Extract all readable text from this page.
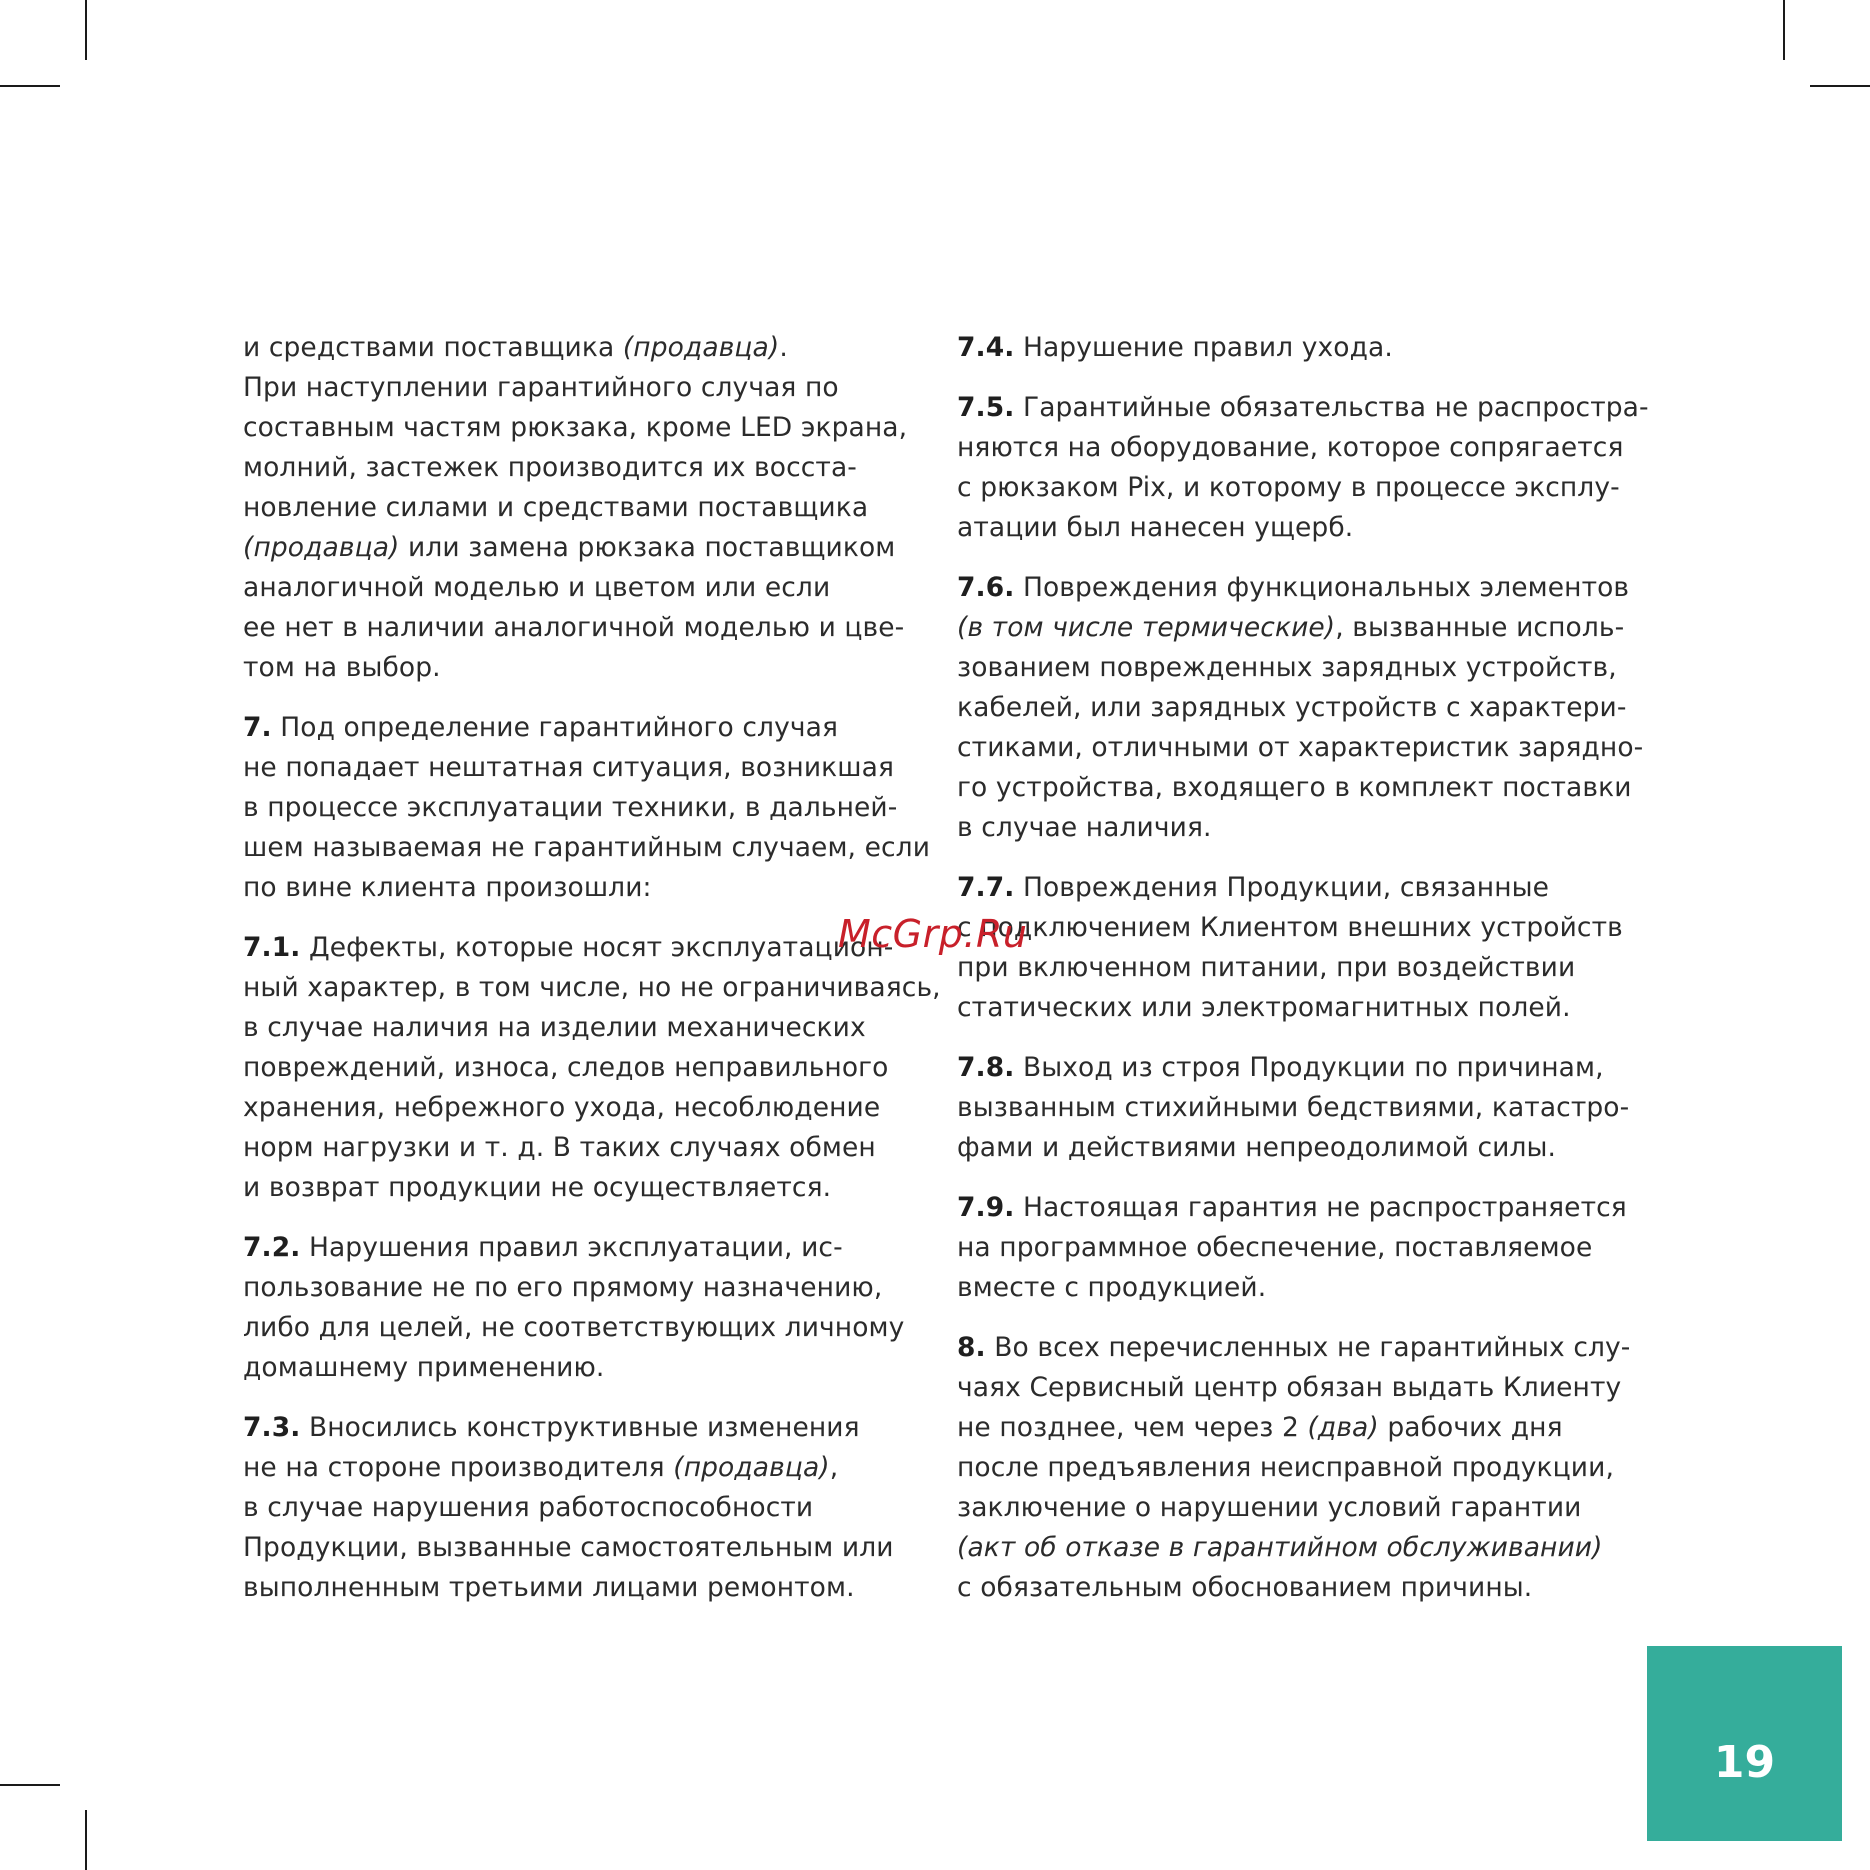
и средствами поставщика (продавца).
При наступлении гарантийного случая по
составным частям рюкзака, кроме LED экрана,
молний, застежек производится их восста-
новление силами и средствами поставщика
(продавца) или замена рюкзака поставщиком
аналогичной моделью и цветом или если
ее нет в наличии аналогичной моделью и цве-
том на выбор.

7. Под определение гарантийного случая
не попадает нештатная ситуация, возникшая
в процессе эксплуатации техники, в дальней-
шем называемая не гарантийным случаем, если
по вине клиента произошли:

7.1. Дефекты, которые носят эксплуатацион-
ный характер, в том числе, но не ограничиваясь,
в случае наличия на изделии механических
повреждений, износа, следов неправильного
хранения, небрежного ухода, несоблюдение
норм нагрузки и т. д. В таких случаях обмен
и возврат продукции не осуществляется.

7.2. Нарушения правил эксплуатации, ис-
пользование не по его прямому назначению,
либо для целей, не соответствующих личному
домашнему применению.

7.3. Вносились конструктивные изменения
не на стороне производителя (продавца),
в случае нарушения работоспособности
Продукции, вызванные самостоятельным или
выполненным третьими лицами ремонтом.

7.4. Нарушение правил ухода.

7.5. Гарантийные обязательства не распростра-
няются на оборудование, которое сопрягается
с рюкзаком Pix, и которому в процессе эксплу-
атации был нанесен ущерб.

7.6. Повреждения функциональных элементов
(в том числе термические), вызванные исполь-
зованием поврежденных зарядных устройств,
кабелей, или зарядных устройств с характери-
стиками, отличными от характеристик зарядно-
го устройства, входящего в комплект поставки
в случае наличия.

7.7. Повреждения Продукции, связанные
с подключением Клиентом внешних устройств
при включенном питании, при воздействии
статических или электромагнитных полей.

7.8. Выход из строя Продукции по причинам,
вызванным стихийными бедствиями, катастро-
фами и действиями непреодолимой силы.

7.9. Настоящая гарантия не распространяется
на программное обеспечение, поставляемое
вместе с продукцией.

8. Во всех перечисленных не гарантийных слу-
чаях Сервисный центр обязан выдать Клиенту
не позднее, чем через 2 (два) рабочих дня
после предъявления неисправной продукции,
заключение о нарушении условий гарантии
(акт об отказе в гарантийном обслуживании)
с обязательным обоснованием причины.

McGrp.Ru
19
